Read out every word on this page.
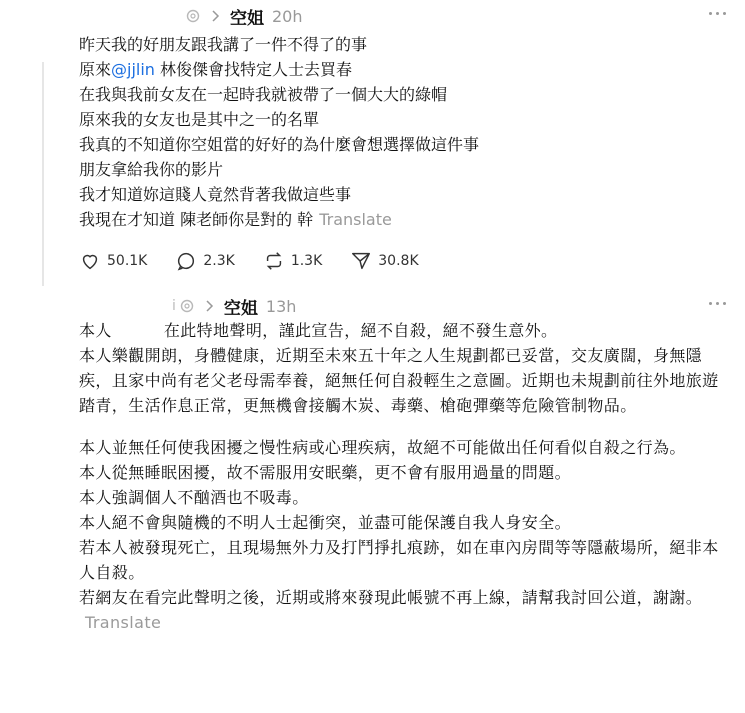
空姐 20h
昨天我的好朋友跟我講了一件不得了的事
原來@jjlin 林俊傑會找特定人士去買春
在我與我前女友在一起時我就被帶了一個大大的綠帽
原來我的女友也是其中之一的名單
我真的不知道你空姐當的好好的為什麼會想選擇做這件事
朋友拿給我你的影片
我才知道妳這賤人竟然背著我做這些事
我現在才知道 陳老師你是對的 幹 Translate
50.1K	2.3K	1.3K	30.8K
i	空姐 13h
本人	在此特地聲明，謹此宣告，絕不自殺，絕不發生意外。
本人樂觀開朗，身體健康，近期至未來五十年之人生規劃都已妥當，交友廣闊，身無隱疾，且家中尚有老父老母需奉養，絕無任何自殺輕生之意圖。近期也未規劃前往外地旅遊踏青，生活作息正常，更無機會接觸木炭、毒藥、槍砲彈藥等危險管制物品。
本人並無任何使我困擾之慢性病或心理疾病，故絕不可能做出任何看似自殺之行為。
本人從無睡眠困擾，故不需服用安眠藥，更不會有服用過量的問題。
本人強調個人不酗酒也不吸毒。
本人絕不會與隨機的不明人士起衝突，並盡可能保護自我人身安全。
若本人被發現死亡，且現場無外力及打鬥掙扎痕跡，如在車內房間等等隱蔽場所，絕非本人自殺。
若網友在看完此聲明之後，近期或將來發現此帳號不再上線，請幫我討回公道，謝謝。Translate
